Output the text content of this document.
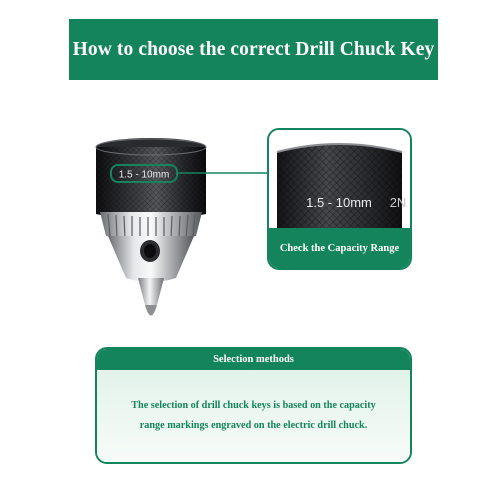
How to choose the correct Drill Chuck Key
1.5 - 10mm
1.5 - 10mm 2N
Check the Capacity Range
Selection methods
The selection of drill chuck keys is based on the capacity
range markings engraved on the electric drill chuck.
